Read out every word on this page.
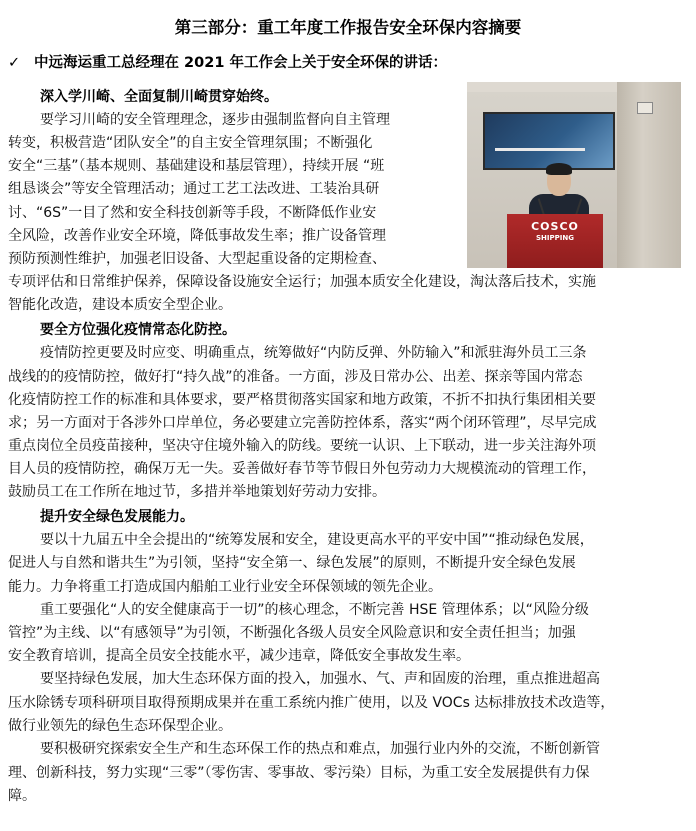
第三部分：重工年度工作报告安全环保内容摘要
✓ 中远海运重工总经理在 2021 年工作会上关于安全环保的讲话：
COSCO
SHIPPING
深入学川崎、全面复制川崎贯穿始终。
要学习川崎的安全管理理念，逐步由强制监督向自主管理
转变，积极营造“团队安全”的自主安全管理氛围；不断强化
安全“三基”（基本规则、基础建设和基层管理），持续开展 “班
组恳谈会”等安全管理活动；通过工艺工法改进、工装治具研
讨、“6S”一目了然和安全科技创新等手段，不断降低作业安
全风险，改善作业安全环境，降低事故发生率；推广设备管理
预防预测性维护，加强老旧设备、大型起重设备的定期检查、
专项评估和日常维护保养，保障设备设施安全运行；加强本质安全化建设，淘汰落后技术，实施
智能化改造，建设本质安全型企业。
要全方位强化疫情常态化防控。
疫情防控更要及时应变、明确重点，统筹做好“内防反弹、外防输入”和派驻海外员工三条
战线的的疫情防控，做好打“持久战”的准备。一方面，涉及日常办公、出差、探亲等国内常态
化疫情防控工作的标准和具体要求，要严格贯彻落实国家和地方政策，不折不扣执行集团相关要
求；另一方面对于各涉外口岸单位，务必要建立完善防控体系，落实“两个闭环管理”，尽早完成
重点岗位全员疫苗接种，坚决守住境外输入的防线。要统一认识、上下联动，进一步关注海外项
目人员的疫情防控，确保万无一失。妥善做好春节等节假日外包劳动力大规模流动的管理工作，
鼓励员工在工作所在地过节，多措并举地策划好劳动力安排。
提升安全绿色发展能力。
要以十九届五中全会提出的“统筹发展和安全，建设更高水平的平安中国”“推动绿色发展，
促进人与自然和谐共生”为引领，坚持“安全第一、绿色发展”的原则，不断提升安全绿色发展
能力。力争将重工打造成国内船舶工业行业安全环保领域的领先企业。
重工要强化“人的安全健康高于一切”的核心理念，不断完善 HSE 管理体系；以“风险分级
管控”为主线、以“有感领导”为引领，不断强化各级人员安全风险意识和安全责任担当；加强
安全教育培训，提高全员安全技能水平，减少违章，降低安全事故发生率。
要坚持绿色发展，加大生态环保方面的投入，加强水、气、声和固废的治理，重点推进超高
压水除锈专项科研项目取得预期成果并在重工系统内推广使用，以及 VOCs 达标排放技术改造等，
做行业领先的绿色生态环保型企业。
要积极研究探索安全生产和生态环保工作的热点和难点，加强行业内外的交流，不断创新管
理、创新科技，努力实现“三零”（零伤害、零事故、零污染）目标，为重工安全发展提供有力保
障。
